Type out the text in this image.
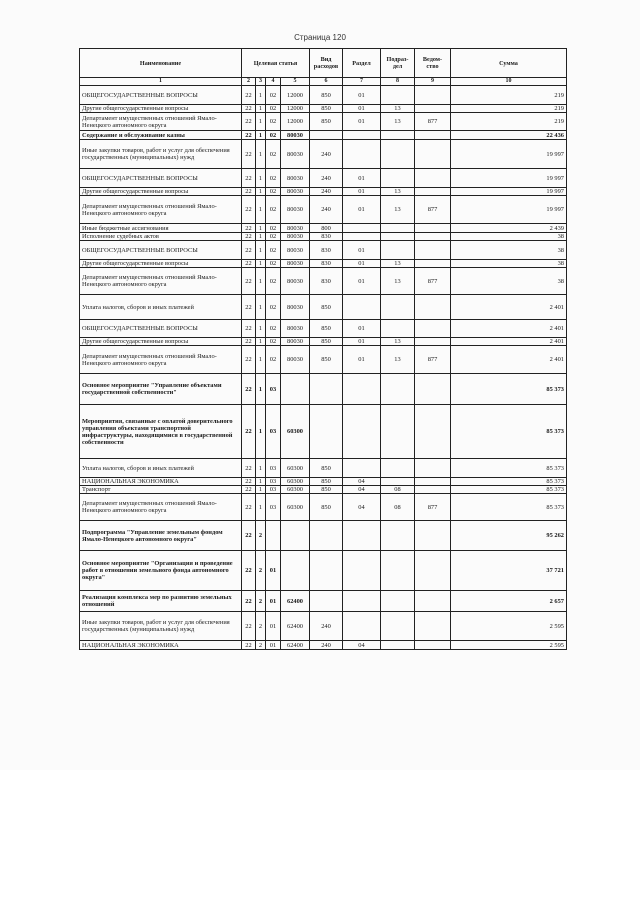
Страница 120
Наименование	Целевая статья				Вид расходов	Раздел	Подраз-дел	Ведом-ство	Сумма
1	2	3	4	5	6	7	8	9	10
ОБЩЕГОСУДАРСТВЕННЫЕ ВОПРОСЫ	22	1	02	12000	850	01			219
Другие общегосударственные вопросы	22	1	02	12000	850	01	13		219
Департамент имущественных отношений Ямало-Ненецкого автономного округа	22	1	02	12000	850	01	13	877	219
Содержание и обслуживание казны	22	1	02	80030					22 436
Иные закупки товаров, работ и услуг для обеспечения государственных (муниципальных) нужд	22	1	02	80030	240				19 997
ОБЩЕГОСУДАРСТВЕННЫЕ ВОПРОСЫ	22	1	02	80030	240	01			19 997
Другие общегосударственные вопросы	22	1	02	80030	240	01	13		19 997
Департамент имущественных отношений Ямало-Ненецкого автономного округа	22	1	02	80030	240	01	13	877	19 997
Иные бюджетные ассигнования	22	1	02	80030	800				2 439
Исполнение судебных актов	22	1	02	80030	830				38
ОБЩЕГОСУДАРСТВЕННЫЕ ВОПРОСЫ	22	1	02	80030	830	01			38
Другие общегосударственные вопросы	22	1	02	80030	830	01	13		38
Департамент имущественных отношений Ямало-Ненецкого автономного округа	22	1	02	80030	830	01	13	877	38
Уплата налогов, сборов и иных платежей	22	1	02	80030	850				2 401
ОБЩЕГОСУДАРСТВЕННЫЕ ВОПРОСЫ	22	1	02	80030	850	01			2 401
Другие общегосударственные вопросы	22	1	02	80030	850	01	13		2 401
Департамент имущественных отношений Ямало-Ненецкого автономного округа	22	1	02	80030	850	01	13	877	2 401
Основное мероприятие "Управление объектами государственной собственности"	22	1	03						85 373
Мероприятия, связанные с оплатой доверительного управления объектами транспортной инфраструктуры, находящимися в государственной собственности	22	1	03	60300					85 373
Уплата налогов, сборов и иных платежей	22	1	03	60300	850				85 373
НАЦИОНАЛЬНАЯ ЭКОНОМИКА	22	1	03	60300	850	04			85 373
Транспорт	22	1	03	60300	850	04	08		85 373
Департамент имущественных отношений Ямало-Ненецкого автономного округа	22	1	03	60300	850	04	08	877	85 373
Подпрограмма "Управление земельным фондом Ямало-Ненецкого автономного округа"	22	2							95 262
Основное мероприятие "Организация и проведение работ в отношении земельного фонда автономного округа"	22	2	01						37 721
Реализация комплекса мер по развитию земельных отношений	22	2	01	62400					2 657
Иные закупки товаров, работ и услуг для обеспечения государственных (муниципальных) нужд	22	2	01	62400	240				2 595
НАЦИОНАЛЬНАЯ ЭКОНОМИКА	22	2	01	62400	240	04			2 595
